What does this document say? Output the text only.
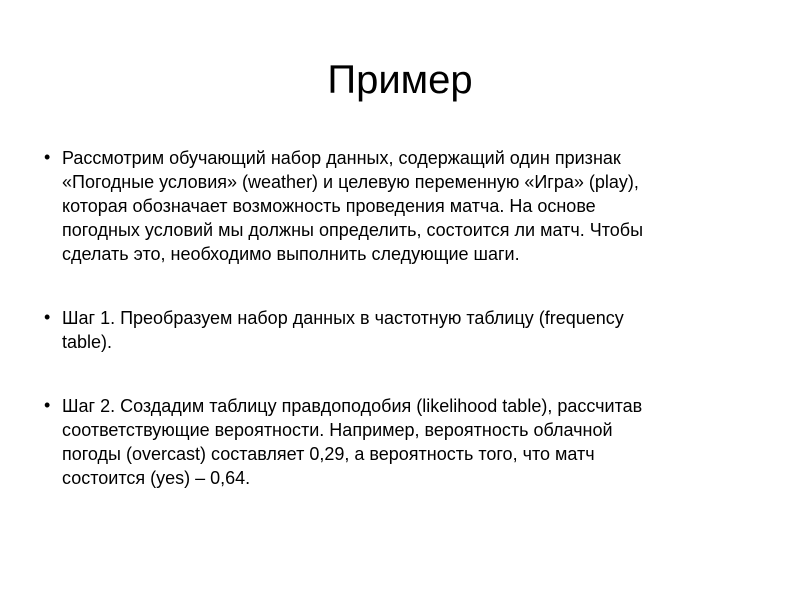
Пример
• Рассмотрим обучающий набор данных, содержащий один признак
«Погодные условия» (weather) и целевую переменную «Игра» (play),
которая обозначает возможность проведения матча. На основе
погодных условий мы должны определить, состоится ли матч. Чтобы
сделать это, необходимо выполнить следующие шаги.
• Шаг 1. Преобразуем набор данных в частотную таблицу (frequency
table).
• Шаг 2. Создадим таблицу правдоподобия (likelihood table), рассчитав
соответствующие вероятности. Например, вероятность облачной
погоды (overcast) составляет 0,29, а вероятность того, что матч
состоится (yes) – 0,64.
